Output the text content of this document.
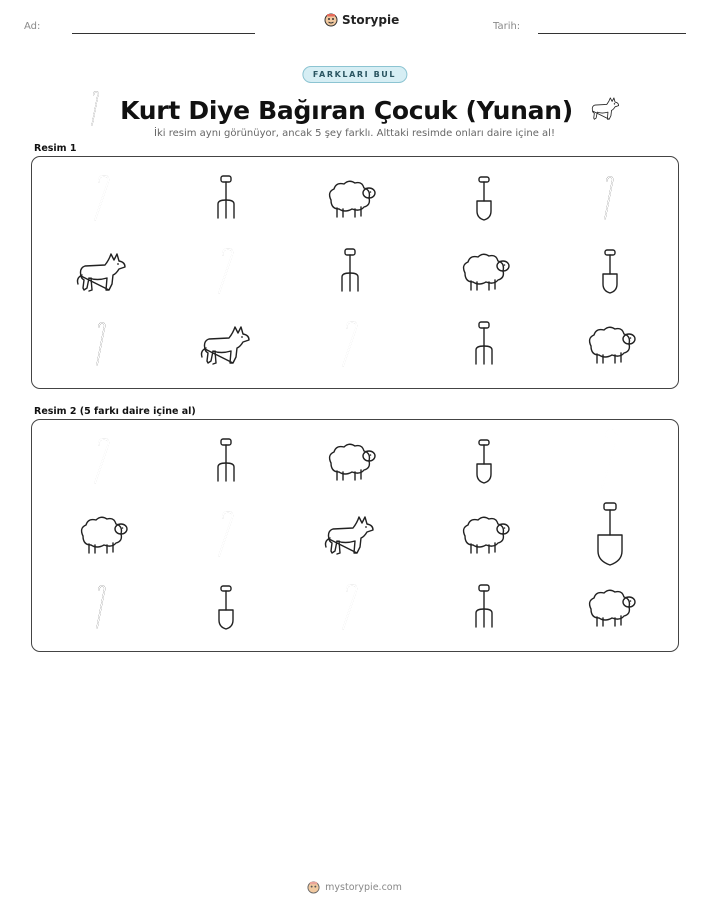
Ad:	Storypie	Tarih:
FARKLARI BUL
Kurt Diye Bağıran Çocuk (Yunan)
İki resim aynı görünüyor, ancak 5 şey farklı. Alttaki resimde onları daire içine al!
Resim 1
Resim 2 (5 farkı daire içine al)
mystorypie.com
